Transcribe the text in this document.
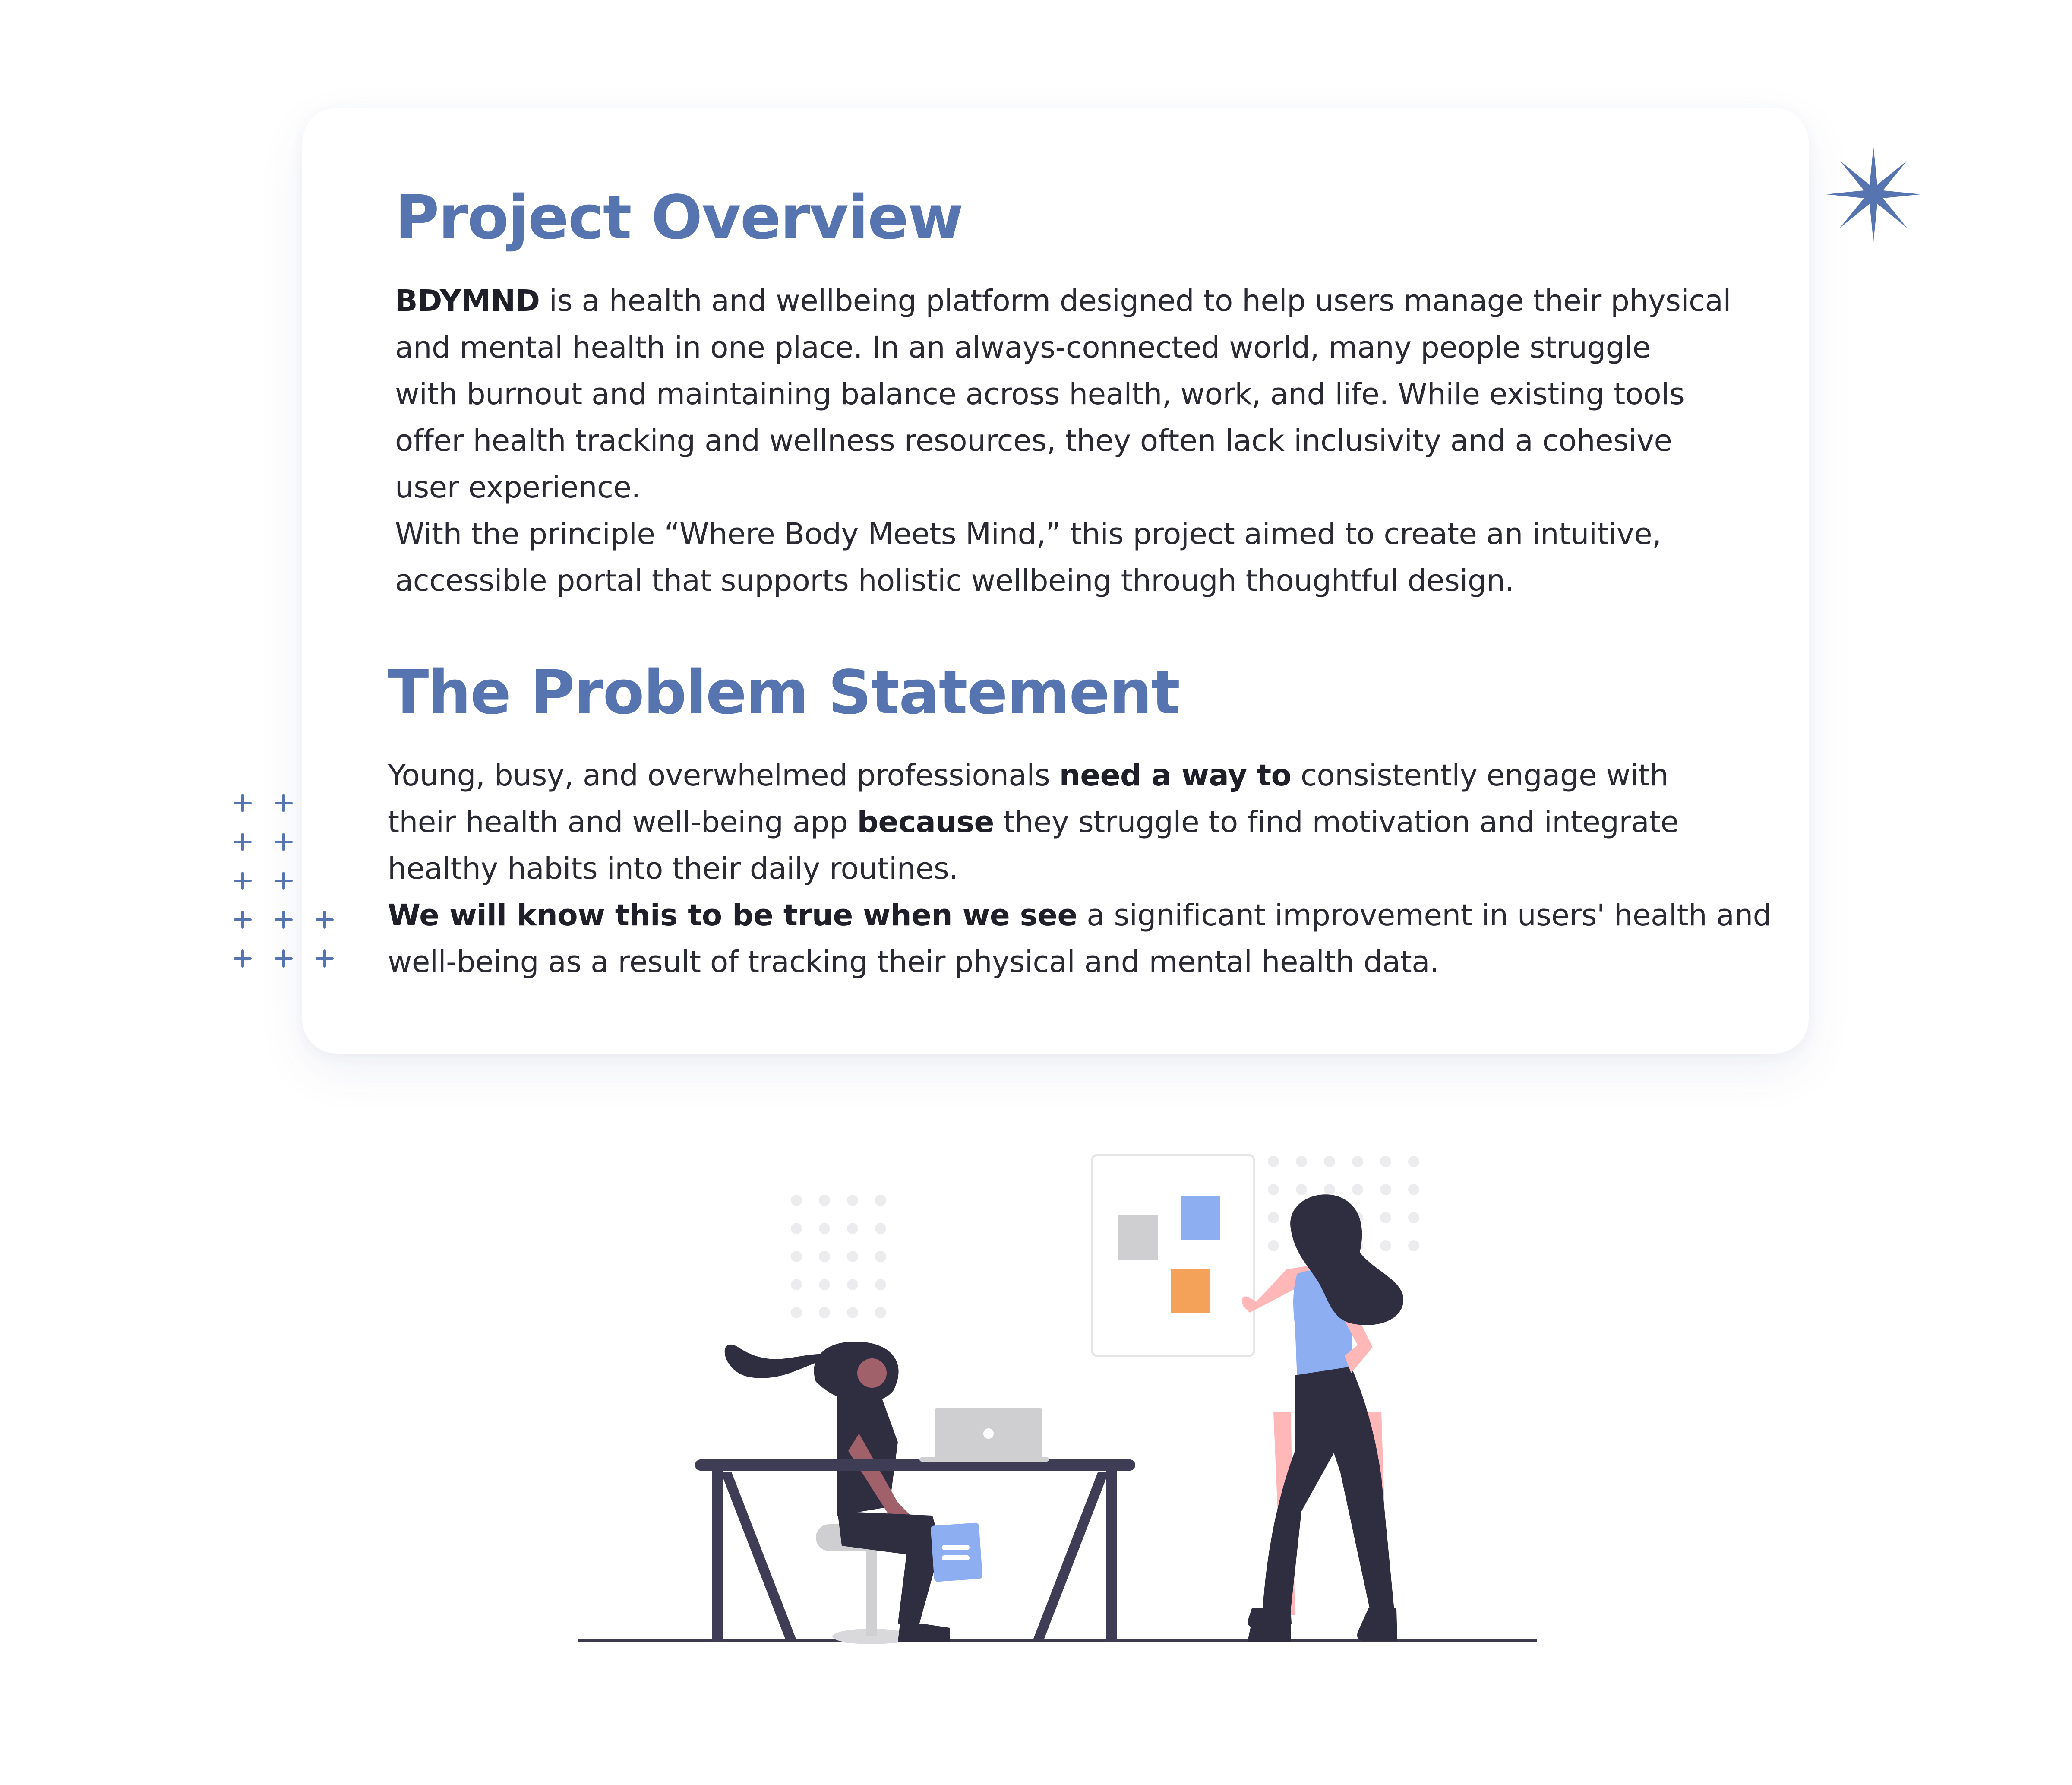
Project Overview

BDYMND is a health and wellbeing platform designed to help users manage their physical
and mental health in one place. In an always-connected world, many people struggle
with burnout and maintaining balance across health, work, and life. While existing tools
offer health tracking and wellness resources, they often lack inclusivity and a cohesive
user experience.
With the principle “Where Body Meets Mind,” this project aimed to create an intuitive,
accessible portal that supports holistic wellbeing through thoughtful design.

The Problem Statement

Young, busy, and overwhelmed professionals need a way to consistently engage with
their health and well-being app because they struggle to find motivation and integrate
healthy habits into their daily routines.
We will know this to be true when we see a significant improvement in users' health and
well-being as a result of tracking their physical and mental health data.
